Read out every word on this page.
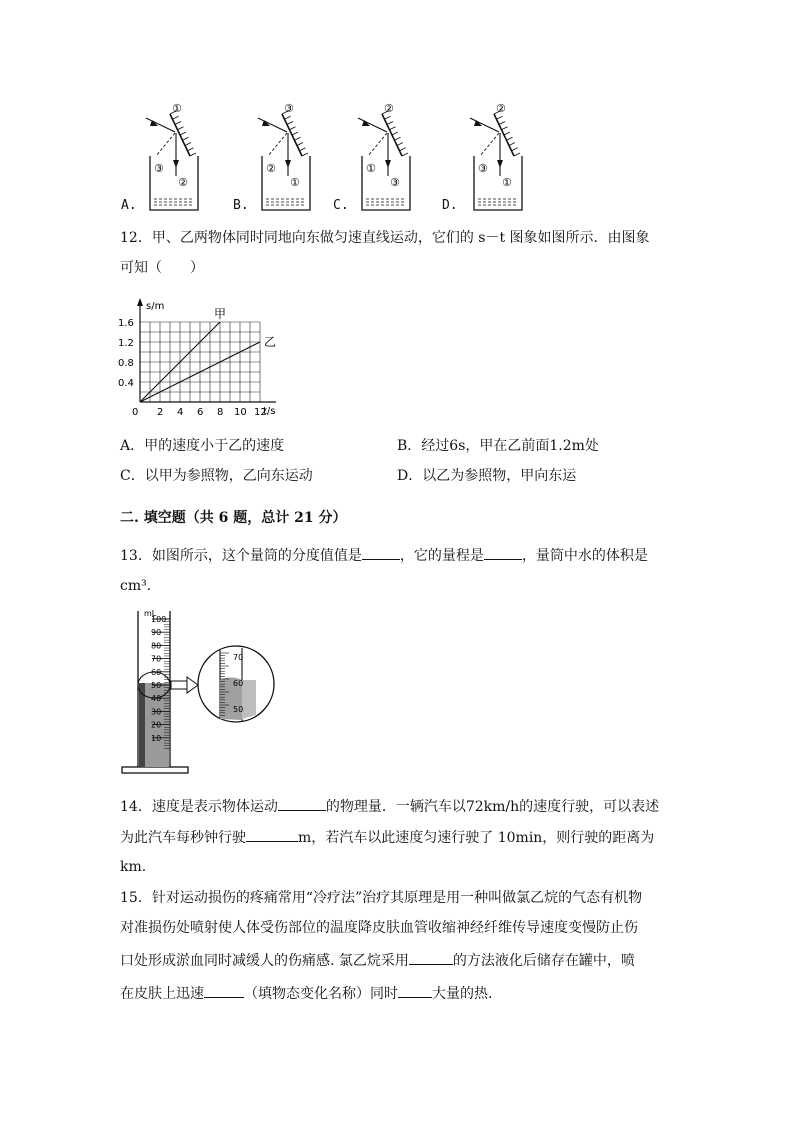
①
③
②
③
②
①
②
①
③
②
③
①
A.	B.	C.	D.
12．甲、乙两物体同时同地向东做匀速直线运动，它们的 s－t 图象如图所示．由图象
可知（　　）
s/m
t/s
0 2 4 6 8 10 12
0.4
0.8
1.2
1.6
甲
乙
A．甲的速度小于乙的速度	B．经过6s，甲在乙前面1.2m处
C．以甲为参照物，乙向东运动	D．以乙为参照物，甲向东运
二. 填空题（共 6 题，总计 21 分）
13．如图所示，这个量筒的分度值值是	，它的量程是	，量筒中水的体积是
cm³.
mL
100
90
80
70
60
50
40
30
20
10
70
60
50
14．速度是表示物体运动	的物理量．一辆汽车以72km/h的速度行驶，可以表述
为此汽车每秒钟行驶	m，若汽车以此速度匀速行驶了 10min，则行驶的距离为
km.
15．针对运动损伤的疼痛常用“冷疗法”治疗其原理是用一种叫做氯乙烷的气态有机物
对准损伤处喷射使人体受伤部位的温度降皮肤血管收缩神经纤维传导速度变慢防止伤
口处形成淤血同时减缓人的伤痛感. 氯乙烷采用	的方法液化后储存在罐中，喷
在皮肤上迅速	（填物态变化名称）同时 大量的热.
